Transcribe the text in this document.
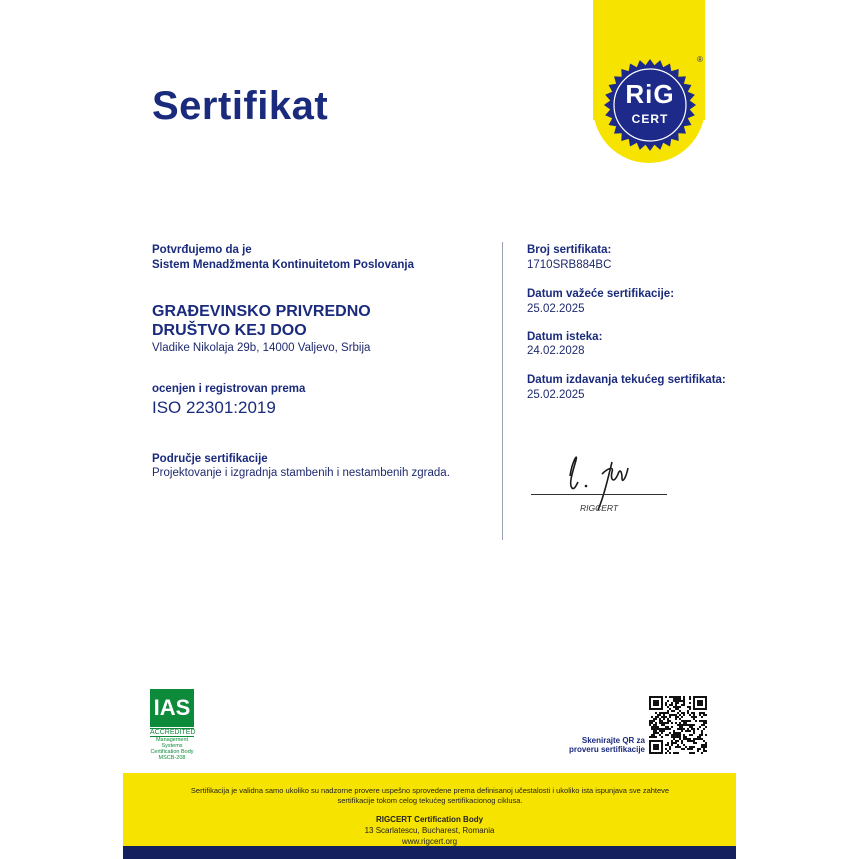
Sertifikat	RiG
CERT
®
Potvrđujemo da je
Sistem Menadžmenta Kontinuitetom Poslovanja
GRAĐEVINSKO PRIVREDNO
DRUŠTVO KEJ DOO
Vladike Nikolaja 29b, 14000 Valjevo, Srbija
ocenjen i registrovan prema
ISO 22301:2019
Područje sertifikacije
Projektovanje i izgradnja stambenih i nestambenih zgrada.
Broj sertifikata:
1710SRB884BC
Datum važeće sertifikacije:
25.02.2025
Datum isteka:
24.02.2028
Datum izdavanja tekućeg sertifikata:
25.02.2025
RIGCERT
IAS
ACCREDITED
Management Systems
Certification Body
MSCB-208
Skenirajte QR za
proveru sertifikacije
Sertifikacija je validna samo ukoliko su nadzorne provere uspešno sprovedene prema definisanoj učestalosti i ukoliko ista ispunjava sve zahteve
sertifikacije tokom celog tekućeg sertifikacionog ciklusa.
RIGCERT Certification Body
13 Scarlatescu, Bucharest, Romania
www.rigcert.org
